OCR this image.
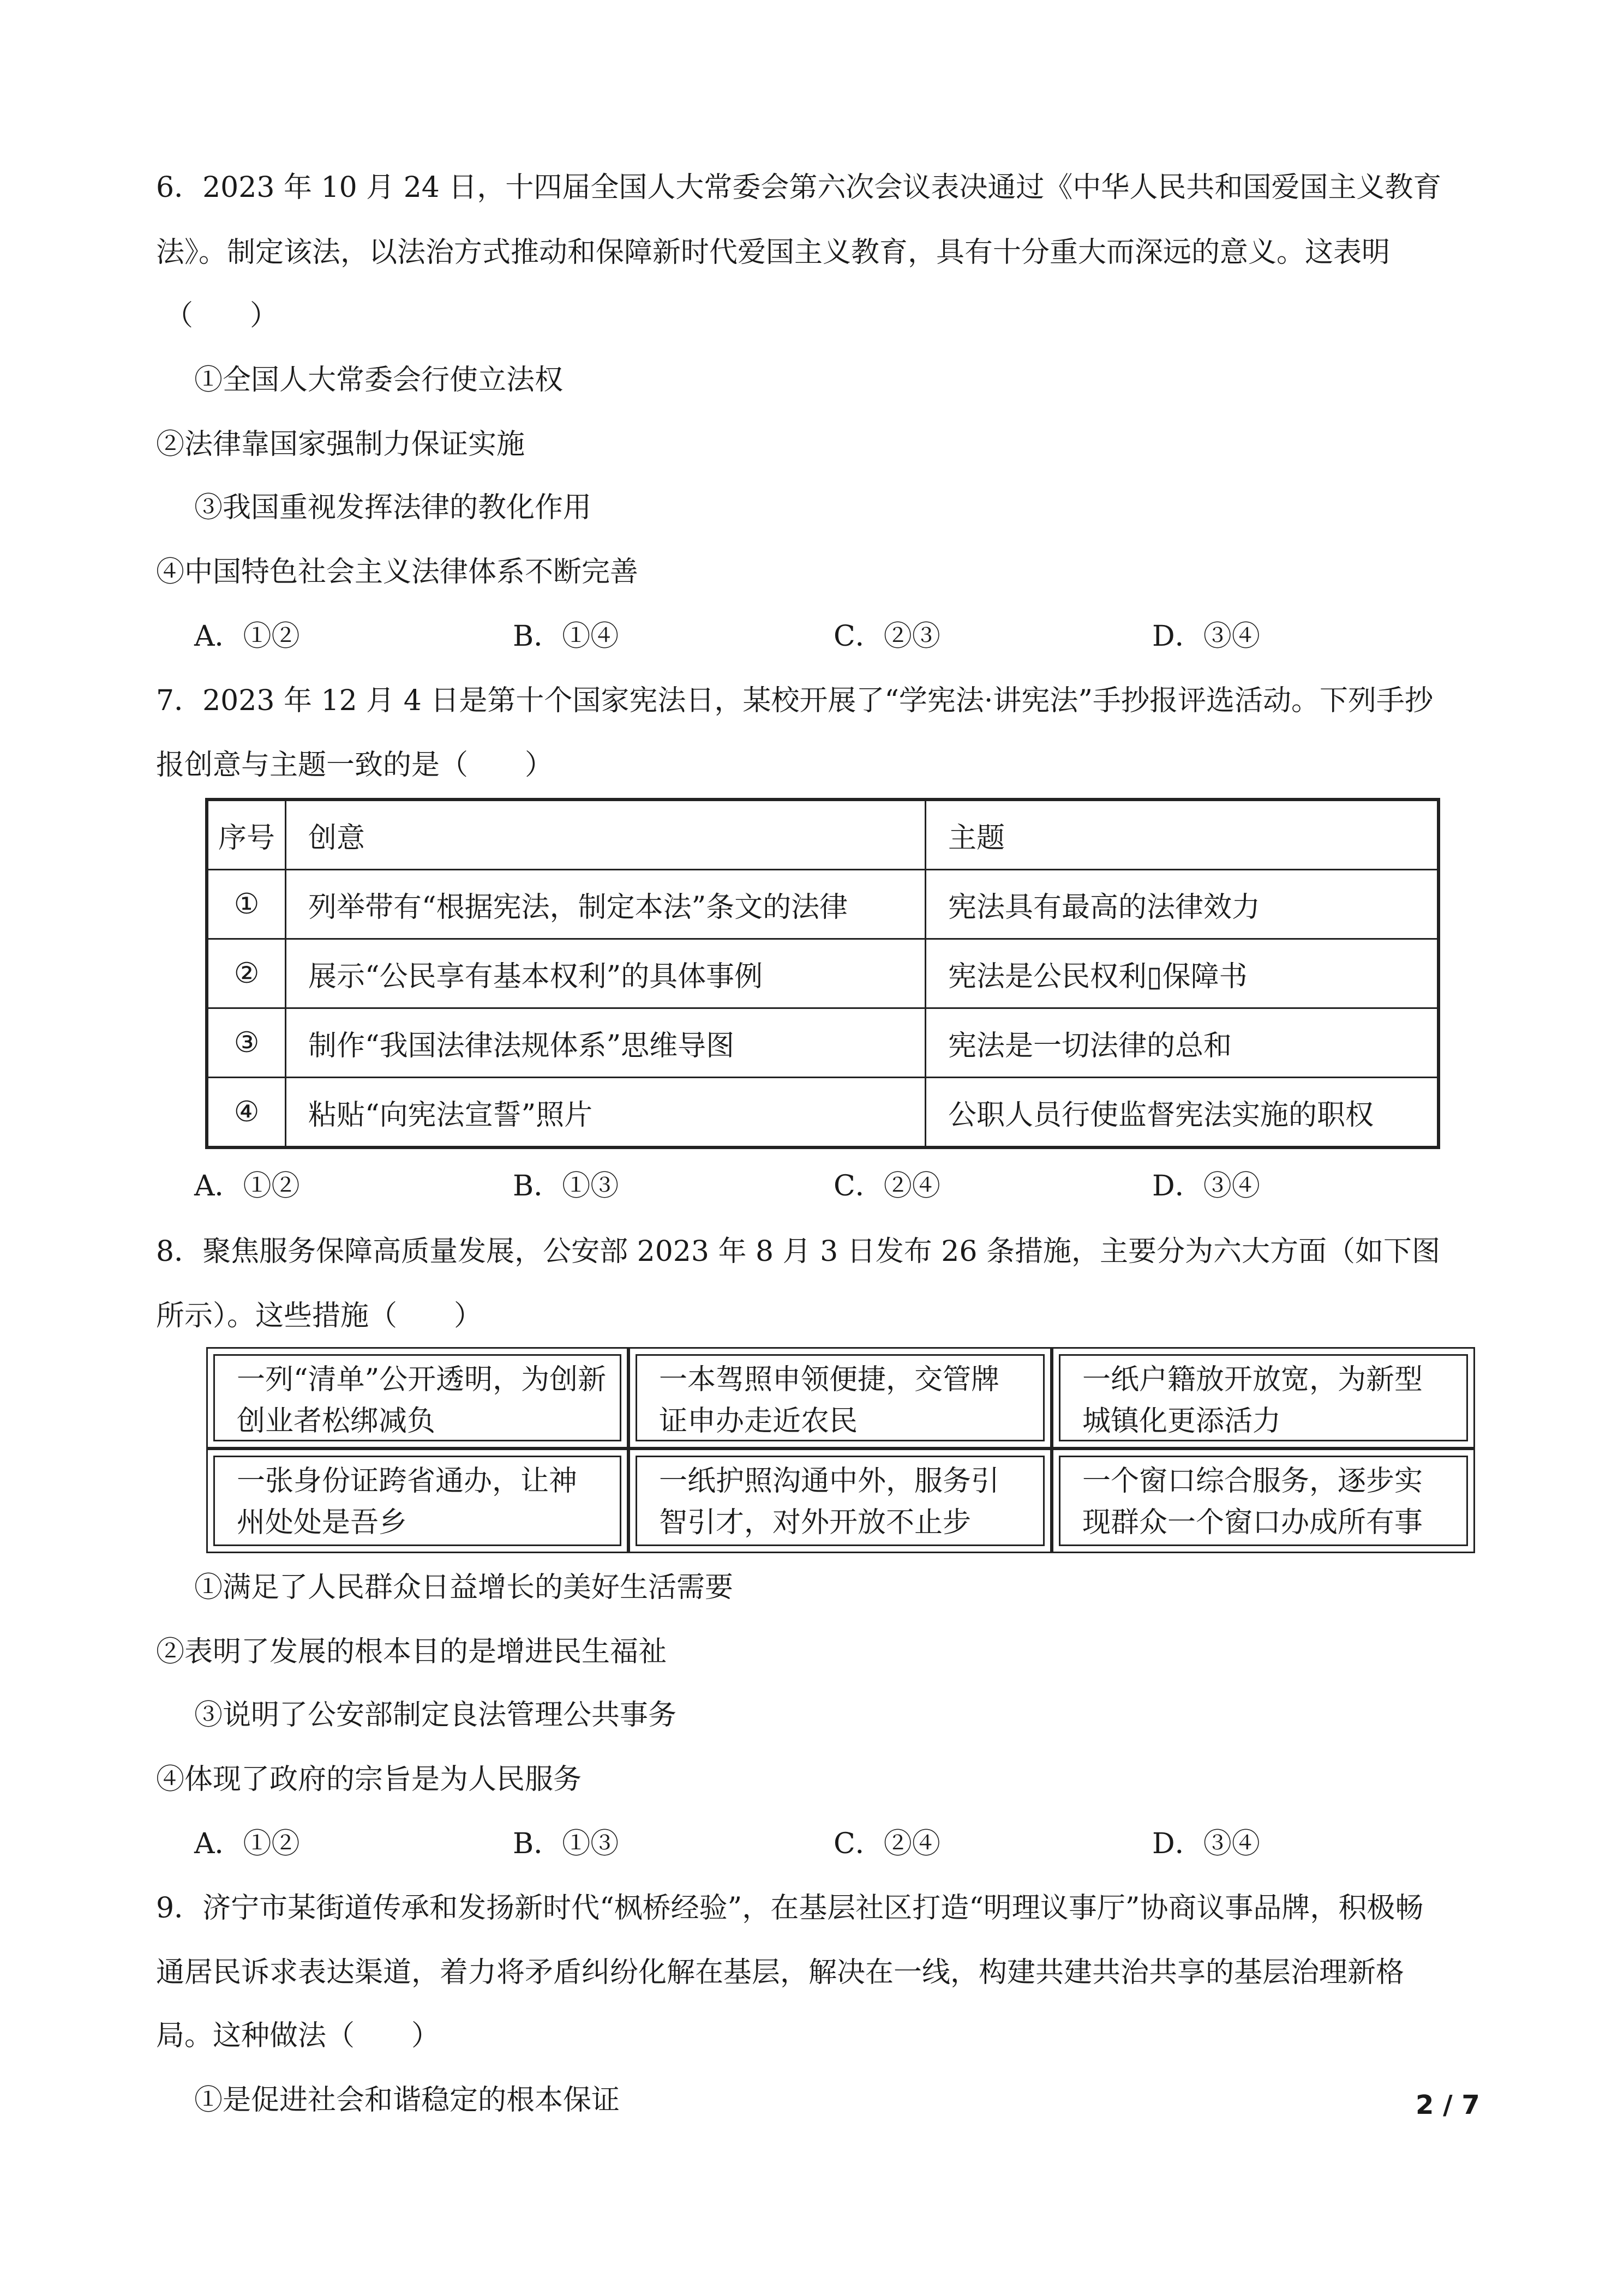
6．2023 年 10 月 24 日，十四届全国人大常委会第六次会议表决通过《中华人民共和国爱国主义教育
法》。制定该法，以法治方式推动和保障新时代爱国主义教育，具有十分重大而深远的意义。这表明
（　　）
①全国人大常委会行使立法权
②法律靠国家强制力保证实施
③我国重视发挥法律的教化作用
④中国特色社会主义法律体系不断完善
A．①②	B．①④	C．②③	D．③④
7．2023 年 12 月 4 日是第十个国家宪法日，某校开展了“学宪法·讲宪法”手抄报评选活动。下列手抄
报创意与主题一致的是（　　）
序号	创意	主题
①	列举带有“根据宪法，制定本法”条文的法律	宪法具有最高的法律效力
②	展示“公民享有基本权利”的具体事例	宪法是公民权利▯保障书
③	制作“我国法律法规体系”思维导图	宪法是一切法律的总和
④	粘贴“向宪法宣誓”照片	公职人员行使监督宪法实施的职权
A．①②	B．①③	C．②④	D．③④
8．聚焦服务保障高质量发展，公安部 2023 年 8 月 3 日发布 26 条措施，主要分为六大方面（如下图
所示）。这些措施（　　）
一列“清单”公开透明，为创新
创业者松绑减负
一本驾照申领便捷，交管牌
证申办走近农民
一纸户籍放开放宽，为新型
城镇化更添活力
一张身份证跨省通办，让神
州处处是吾乡
一纸护照沟通中外，服务引
智引才，对外开放不止步
一个窗口综合服务，逐步实
现群众一个窗口办成所有事
①满足了人民群众日益增长的美好生活需要
②表明了发展的根本目的是增进民生福祉
③说明了公安部制定良法管理公共事务
④体现了政府的宗旨是为人民服务
A．①②	B．①③	C．②④	D．③④
9．济宁市某街道传承和发扬新时代“枫桥经验”，在基层社区打造“明理议事厅”协商议事品牌，积极畅
通居民诉求表达渠道，着力将矛盾纠纷化解在基层，解决在一线，构建共建共治共享的基层治理新格
局。这种做法（　　）
①是促进社会和谐稳定的根本保证	2 / 7
